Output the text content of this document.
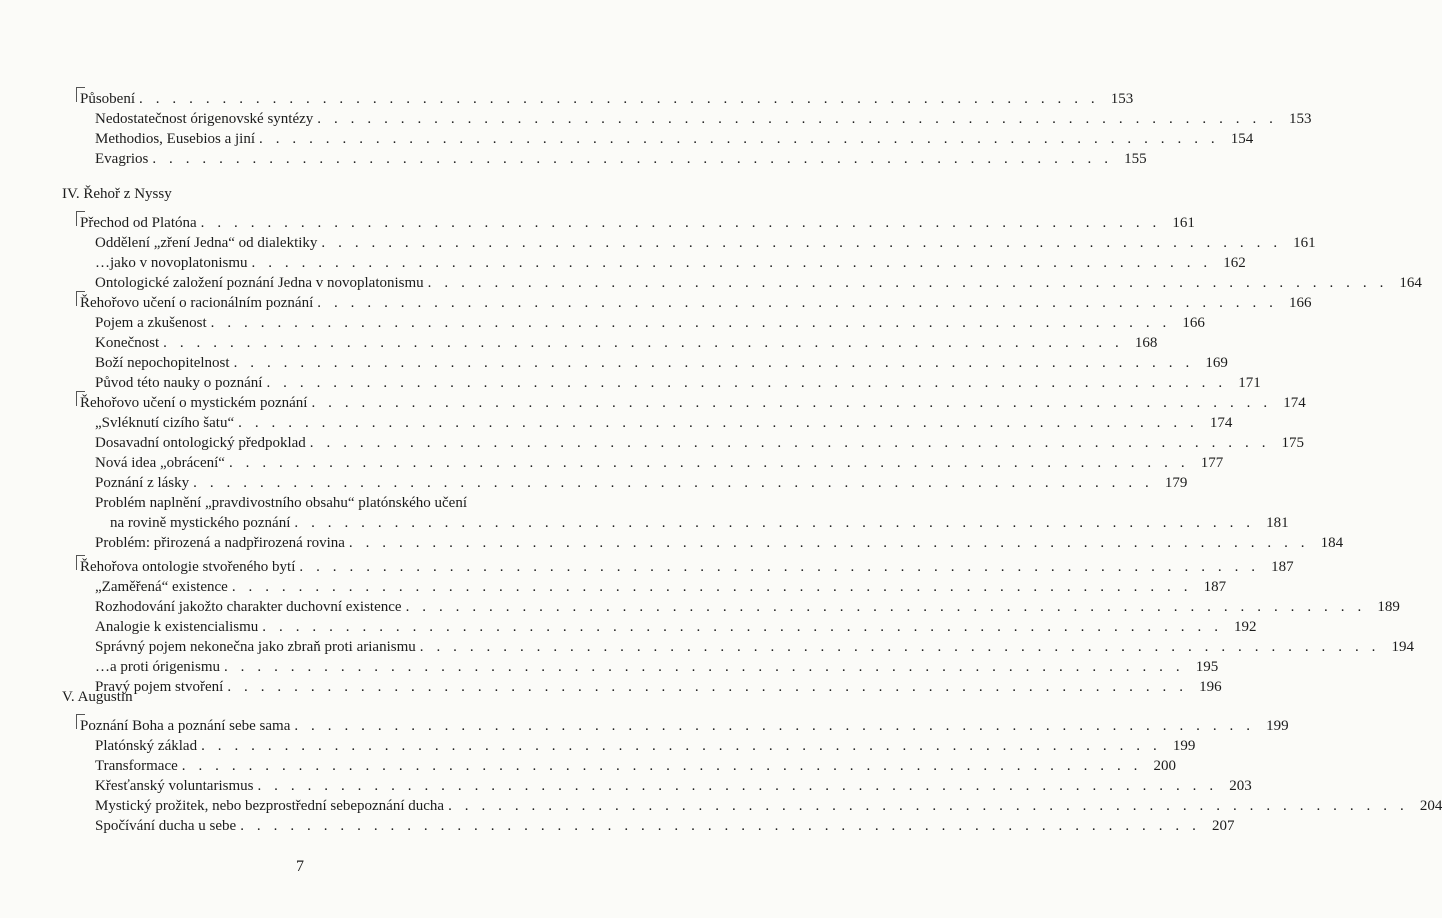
Působení . . . . . . . . . . . . . . . . . . . . . . . . . . . . . . . . . . . . . . . . . . . . . . . . . . . . . . . . . . 153
Nedostatečnost órigenovské syntézy . . . . . . . . . . . . . . . . . . . . . . . . . . . . . . . . . . . . . . . . . . . . . . . . . . . . . . . . . . 153
Methodios, Eusebios a jiní . . . . . . . . . . . . . . . . . . . . . . . . . . . . . . . . . . . . . . . . . . . . . . . . . . . . . . . . . . 154
Evagrios . . . . . . . . . . . . . . . . . . . . . . . . . . . . . . . . . . . . . . . . . . . . . . . . . . . . . . . . . . 155
Přechod od Platóna . . . . . . . . . . . . . . . . . . . . . . . . . . . . . . . . . . . . . . . . . . . . . . . . . . . . . . . . . . 161
Oddělení „zření Jedna“ od dialektiky . . . . . . . . . . . . . . . . . . . . . . . . . . . . . . . . . . . . . . . . . . . . . . . . . . . . . . . . . . 161
…jako v novoplatonismu . . . . . . . . . . . . . . . . . . . . . . . . . . . . . . . . . . . . . . . . . . . . . . . . . . . . . . . . . . 162
Ontologické založení poznání Jedna v novoplatonismu . . . . . . . . . . . . . . . . . . . . . . . . . . . . . . . . . . . . . . . . . . . . . . . . . . . . . . . . . . 164
Řehořovo učení o racionálním poznání . . . . . . . . . . . . . . . . . . . . . . . . . . . . . . . . . . . . . . . . . . . . . . . . . . . . . . . . . . 166
Pojem a zkušenost . . . . . . . . . . . . . . . . . . . . . . . . . . . . . . . . . . . . . . . . . . . . . . . . . . . . . . . . . . 166
Konečnost . . . . . . . . . . . . . . . . . . . . . . . . . . . . . . . . . . . . . . . . . . . . . . . . . . . . . . . . . . 168
Boží nepochopitelnost . . . . . . . . . . . . . . . . . . . . . . . . . . . . . . . . . . . . . . . . . . . . . . . . . . . . . . . . . . 169
Původ této nauky o poznání . . . . . . . . . . . . . . . . . . . . . . . . . . . . . . . . . . . . . . . . . . . . . . . . . . . . . . . . . . 171
Řehořovo učení o mystickém poznání . . . . . . . . . . . . . . . . . . . . . . . . . . . . . . . . . . . . . . . . . . . . . . . . . . . . . . . . . . 174
„Svléknutí cizího šatu“ . . . . . . . . . . . . . . . . . . . . . . . . . . . . . . . . . . . . . . . . . . . . . . . . . . . . . . . . . . 174
Dosavadní ontologický předpoklad . . . . . . . . . . . . . . . . . . . . . . . . . . . . . . . . . . . . . . . . . . . . . . . . . . . . . . . . . . 175
Nová idea „obrácení“ . . . . . . . . . . . . . . . . . . . . . . . . . . . . . . . . . . . . . . . . . . . . . . . . . . . . . . . . . . 177
Poznání z lásky . . . . . . . . . . . . . . . . . . . . . . . . . . . . . . . . . . . . . . . . . . . . . . . . . . . . . . . . . . 179
Problém naplnění „pravdivostního obsahu“ platónského učení
na rovině mystického poznání . . . . . . . . . . . . . . . . . . . . . . . . . . . . . . . . . . . . . . . . . . . . . . . . . . . . . . . . . . 181
Problém: přirozená a nadpřirozená rovina . . . . . . . . . . . . . . . . . . . . . . . . . . . . . . . . . . . . . . . . . . . . . . . . . . . . . . . . . . 184
Řehořova ontologie stvořeného bytí . . . . . . . . . . . . . . . . . . . . . . . . . . . . . . . . . . . . . . . . . . . . . . . . . . . . . . . . . . 187
„Zaměřená“ existence . . . . . . . . . . . . . . . . . . . . . . . . . . . . . . . . . . . . . . . . . . . . . . . . . . . . . . . . . . 187
Rozhodování jakožto charakter duchovní existence . . . . . . . . . . . . . . . . . . . . . . . . . . . . . . . . . . . . . . . . . . . . . . . . . . . . . . . . . . 189
Analogie k existencialismu . . . . . . . . . . . . . . . . . . . . . . . . . . . . . . . . . . . . . . . . . . . . . . . . . . . . . . . . . . 192
Správný pojem nekonečna jako zbraň proti arianismu . . . . . . . . . . . . . . . . . . . . . . . . . . . . . . . . . . . . . . . . . . . . . . . . . . . . . . . . . . 194
…a proti órigenismu . . . . . . . . . . . . . . . . . . . . . . . . . . . . . . . . . . . . . . . . . . . . . . . . . . . . . . . . . . 195
Pravý pojem stvoření . . . . . . . . . . . . . . . . . . . . . . . . . . . . . . . . . . . . . . . . . . . . . . . . . . . . . . . . . . 196
Poznání Boha a poznání sebe sama . . . . . . . . . . . . . . . . . . . . . . . . . . . . . . . . . . . . . . . . . . . . . . . . . . . . . . . . . . 199
Platónský základ . . . . . . . . . . . . . . . . . . . . . . . . . . . . . . . . . . . . . . . . . . . . . . . . . . . . . . . . . . 199
Transformace . . . . . . . . . . . . . . . . . . . . . . . . . . . . . . . . . . . . . . . . . . . . . . . . . . . . . . . . . . 200
Křesťanský voluntarismus . . . . . . . . . . . . . . . . . . . . . . . . . . . . . . . . . . . . . . . . . . . . . . . . . . . . . . . . . . 203
Mystický prožitek, nebo bezprostřední sebepoznání ducha . . . . . . . . . . . . . . . . . . . . . . . . . . . . . . . . . . . . . . . . . . . . . . . . . . . . . . . . . . 204
Spočívání ducha u sebe . . . . . . . . . . . . . . . . . . . . . . . . . . . . . . . . . . . . . . . . . . . . . . . . . . . . . . . . . . 207
IV. Řehoř z Nyssy
V. Augustin
7
